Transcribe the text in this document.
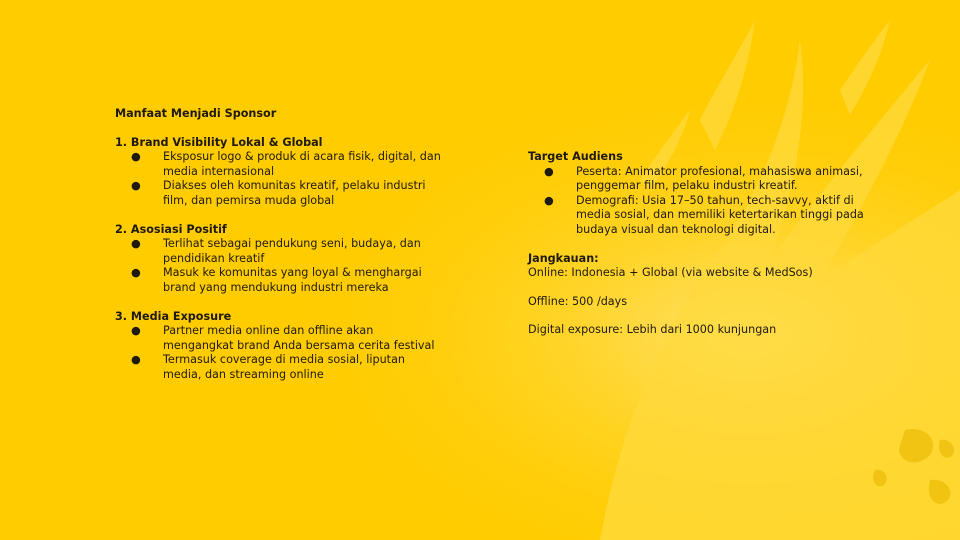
Manfaat Menjadi Sponsor
1. Brand Visibility Lokal & Global
● Eksposur logo & produk di acara fisik, digital, dan media internasional
● Diakses oleh komunitas kreatif, pelaku industri film, dan pemirsa muda global
2. Asosiasi Positif
● Terlihat sebagai pendukung seni, budaya, dan pendidikan kreatif
● Masuk ke komunitas yang loyal & menghargai brand yang mendukung industri mereka
3. Media Exposure
● Partner media online dan offline akan mengangkat brand Anda bersama cerita festival
● Termasuk coverage di media sosial, liputan media, dan streaming online
Target Audiens
● Peserta: Animator profesional, mahasiswa animasi, penggemar film, pelaku industri kreatif.
● Demografi: Usia 17–50 tahun, tech-savvy, aktif di media sosial, dan memiliki ketertarikan tinggi pada budaya visual dan teknologi digital.
Jangkauan:

Online: Indonesia + Global (via website & MedSos)

Offline: 500 /days

Digital exposure: Lebih dari 1000 kunjungan
